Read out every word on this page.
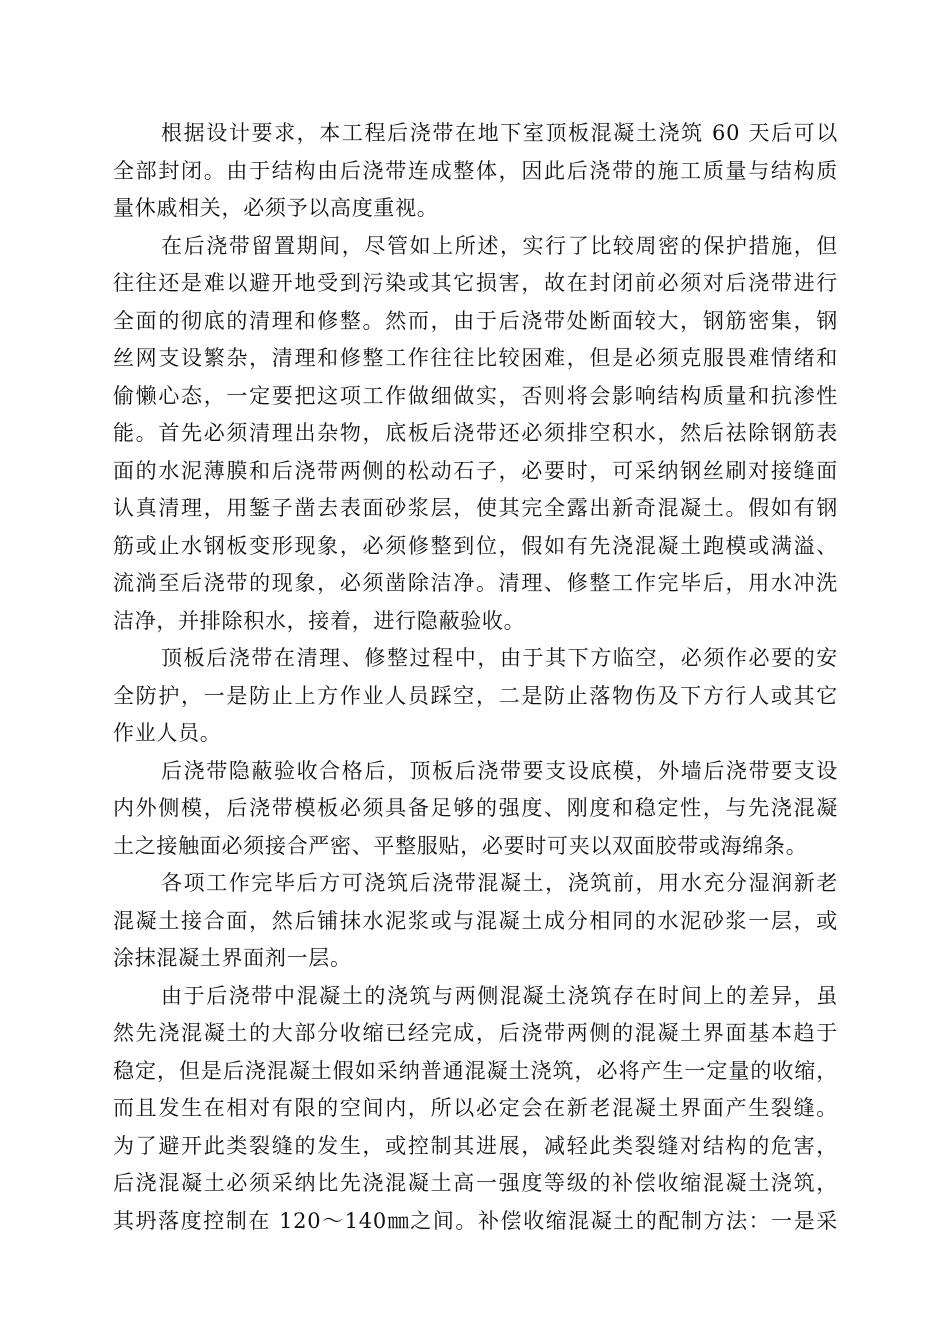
根据设计要求，本工程后浇带在地下室顶板混凝土浇筑 60 天后可以
全部封闭。由于结构由后浇带连成整体，因此后浇带的施工质量与结构质
量休戚相关，必须予以高度重视。
在后浇带留置期间，尽管如上所述，实行了比较周密的保护措施，但
往往还是难以避开地受到污染或其它损害，故在封闭前必须对后浇带进行
全面的彻底的清理和修整。然而，由于后浇带处断面较大，钢筋密集，钢
丝网支设繁杂，清理和修整工作往往比较困难，但是必须克服畏难情绪和
偷懒心态，一定要把这项工作做细做实，否则将会影响结构质量和抗渗性
能。首先必须清理出杂物，底板后浇带还必须排空积水，然后祛除钢筋表
面的水泥薄膜和后浇带两侧的松动石子，必要时，可采纳钢丝刷对接缝面
认真清理，用錾子凿去表面砂浆层，使其完全露出新奇混凝土。假如有钢
筋或止水钢板变形现象，必须修整到位，假如有先浇混凝土跑模或满溢、
流淌至后浇带的现象，必须凿除洁净。清理、修整工作完毕后，用水冲洗
洁净，并排除积水，接着，进行隐蔽验收。
顶板后浇带在清理、修整过程中，由于其下方临空，必须作必要的安
全防护，一是防止上方作业人员踩空，二是防止落物伤及下方行人或其它
作业人员。
后浇带隐蔽验收合格后，顶板后浇带要支设底模，外墙后浇带要支设
内外侧模，后浇带模板必须具备足够的强度、刚度和稳定性，与先浇混凝
土之接触面必须接合严密、平整服贴，必要时可夹以双面胶带或海绵条。
各项工作完毕后方可浇筑后浇带混凝土，浇筑前，用水充分湿润新老
混凝土接合面，然后铺抹水泥浆或与混凝土成分相同的水泥砂浆一层，或
涂抹混凝土界面剂一层。
由于后浇带中混凝土的浇筑与两侧混凝土浇筑存在时间上的差异，虽
然先浇混凝土的大部分收缩已经完成，后浇带两侧的混凝土界面基本趋于
稳定，但是后浇混凝土假如采纳普通混凝土浇筑，必将产生一定量的收缩，
而且发生在相对有限的空间内，所以必定会在新老混凝土界面产生裂缝。
为了避开此类裂缝的发生，或控制其进展，减轻此类裂缝对结构的危害，
后浇混凝土必须采纳比先浇混凝土高一强度等级的补偿收缩混凝土浇筑，
其坍落度控制在 120～140㎜之间。补偿收缩混凝土的配制方法：一是采
